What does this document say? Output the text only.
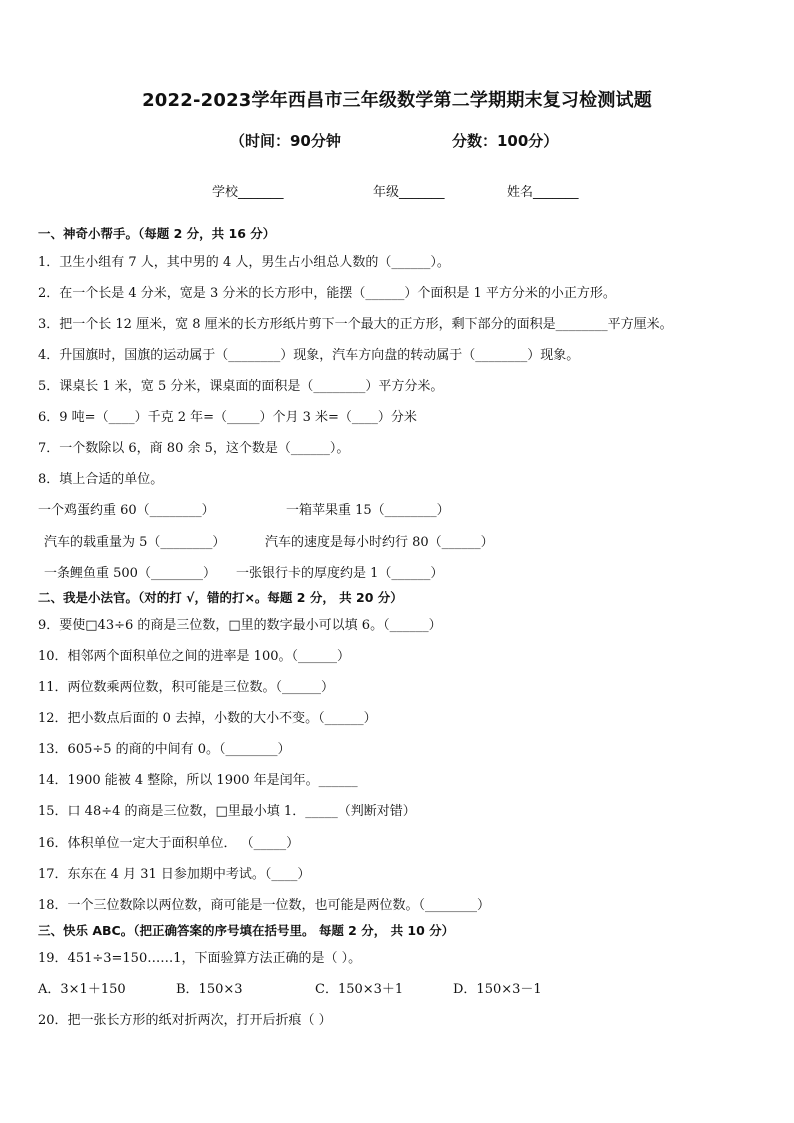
2022-2023学年西昌市三年级数学第二学期期末复习检测试题
（时间：90分钟	分数：100分）
学校_______	年级_______	姓名_______
一、神奇小帮手。（每题 2 分，共 16 分）
1．卫生小组有 7 人，其中男的 4 人，男生占小组总人数的（______）。
2．在一个长是 4 分米，宽是 3 分米的长方形中，能摆（______）个面积是 1 平方分米的小正方形。
3．把一个长 12 厘米，宽 8 厘米的长方形纸片剪下一个最大的正方形，剩下部分的面积是________平方厘米。
4．升国旗时，国旗的运动属于（________）现象，汽车方向盘的转动属于（________）现象。
5．课桌长 1 米，宽 5 分米，课桌面的面积是（________）平方分米。
6．9 吨=（____）千克 2 年=（_____）个月 3 米=（____）分米
7．一个数除以 6，商 80 余 5，这个数是（______）。
8．填上合适的单位。
一个鸡蛋约重 60（________）	一箱苹果重 15（________）
汽车的载重量为 5（________）	汽车的速度是每小时约行 80（______）
一条鲤鱼重 500（________） 一张银行卡的厚度约是 1（______）
二、我是小法官。（对的打 √，错的打×。每题 2 分， 共 20 分）
9．要使□43÷6 的商是三位数，□里的数字最小可以填 6。（______）
10．相邻两个面积单位之间的进率是 100。（______）
11．两位数乘两位数，积可能是三位数。（______）
12．把小数点后面的 0 去掉，小数的大小不变。（______）
13．605÷5 的商的中间有 0。（________）
14．1900 能被 4 整除，所以 1900 年是闰年。______
15．口 48÷4 的商是三位数，□里最小填 1．_____（判断对错）
16．体积单位一定大于面积单位． （_____）
17．东东在 4 月 31 日参加期中考试。（____）
18．一个三位数除以两位数，商可能是一位数，也可能是两位数。（________）
三、快乐 ABC。（把正确答案的序号填在括号里。 每题 2 分， 共 10 分）
19．451÷3=150……1，下面验算方法正确的是（ ）。
A．3×1＋150	B．150×3	C．150×3＋1	D．150×3－1
20．把一张长方形的纸对折两次，打开后折痕（ ）
